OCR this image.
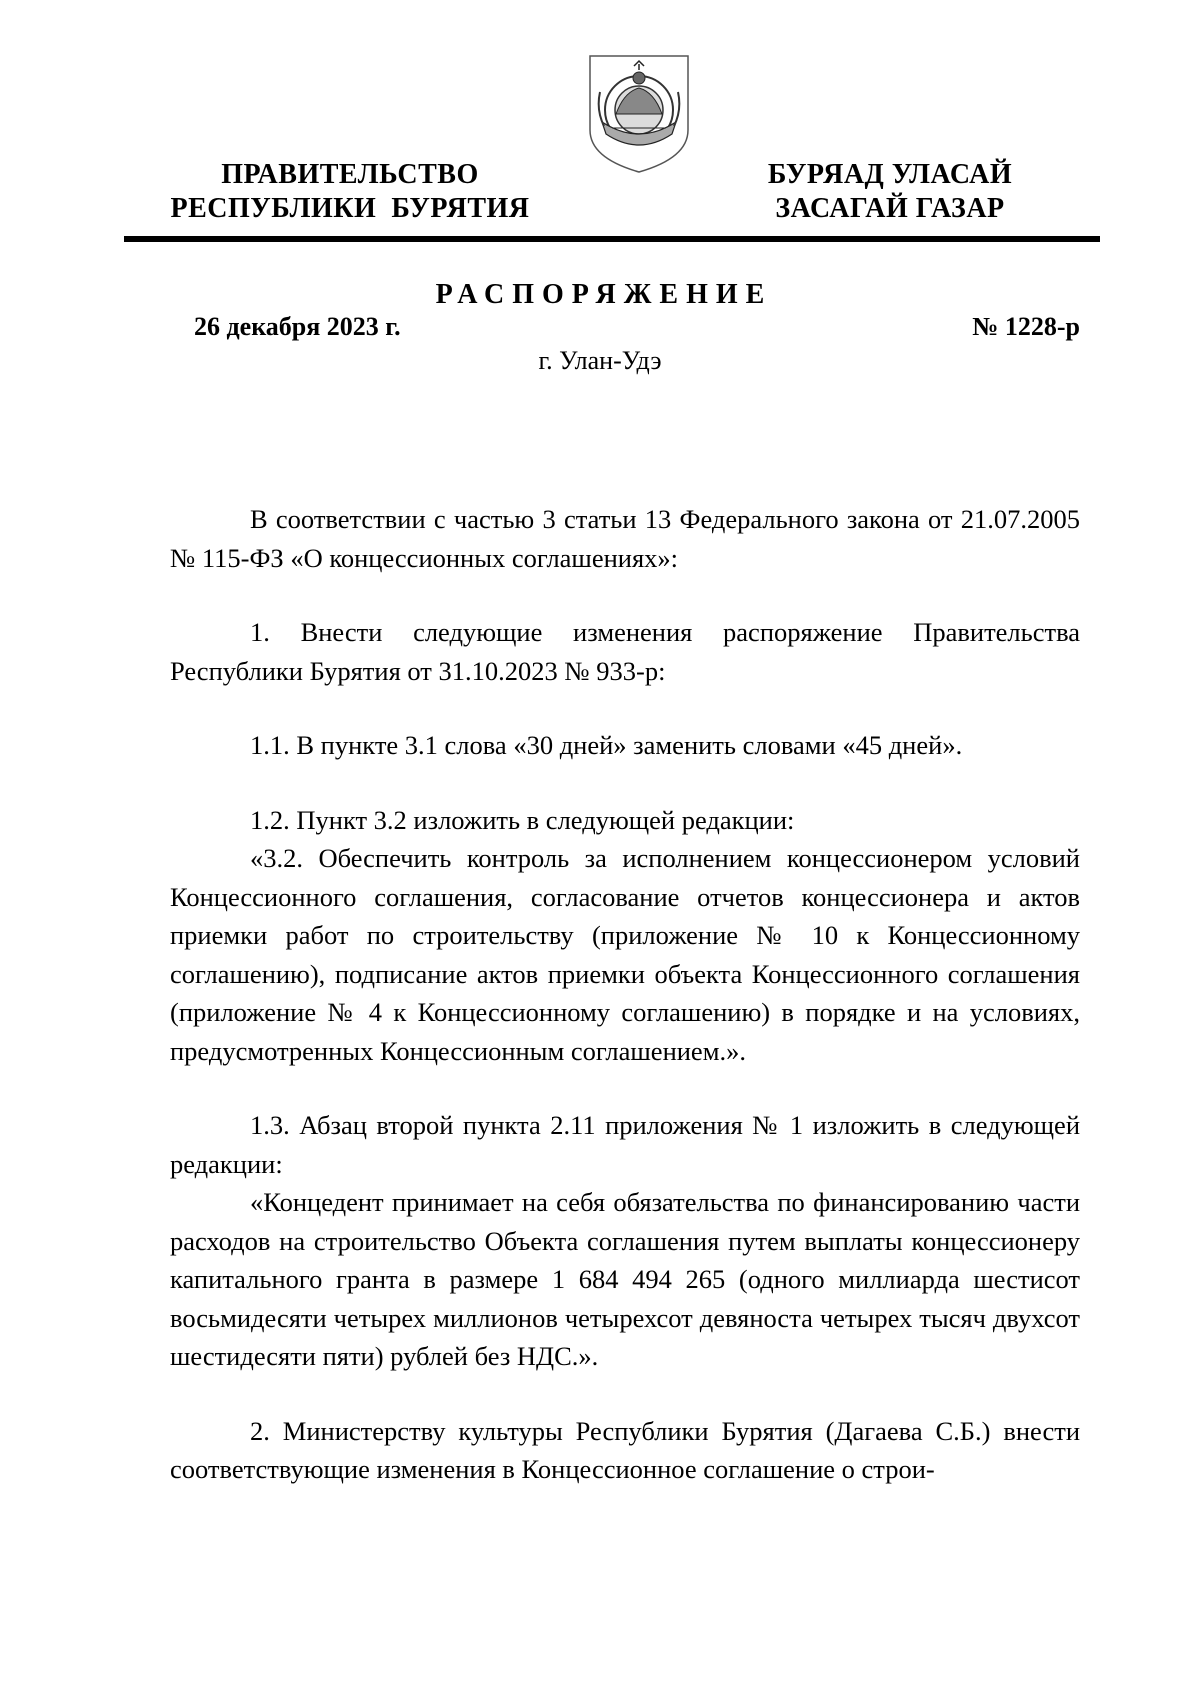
ПРАВИТЕЛЬСТВО
РЕСПУБЛИКИ  БУРЯТИЯ
БУРЯАД УЛАСАЙ
ЗАСАГАЙ ГАЗАР
РАСПОРЯЖЕНИЕ
26 декабря 2023 г.	№ 1228-р
г. Улан-Удэ

В соответствии с частью 3 статьи 13 Федерального закона от 21.07.2005 № 115-ФЗ «О концессионных соглашениях»:

1. Внести следующие изменения распоряжение Правительства Республики Бурятия от 31.10.2023 № 933-р:

1.1. В пункте 3.1 слова «30 дней» заменить словами «45 дней».

1.2. Пункт 3.2 изложить в следующей редакции:

«3.2. Обеспечить контроль за исполнением концессионером условий Концессионного соглашения, согласование отчетов концессионера и актов приемки работ по строительству (приложение № 10 к Концессионному соглашению), подписание актов приемки объекта Концессионного соглашения (приложение № 4 к Концессионному соглашению) в порядке и на условиях, предусмотренных Концессионным соглашением.».

1.3. Абзац второй пункта 2.11 приложения № 1 изложить в следующей редакции:

«Концедент принимает на себя обязательства по финансированию части расходов на строительство Объекта соглашения путем выплаты концессионеру капитального гранта в размере 1 684 494 265 (одного миллиарда шестисот восьмидесяти четырех миллионов четырехсот девяноста четырех тысяч двухсот шестидесяти пяти) рублей без НДС.».

2. Министерству культуры Республики Бурятия (Дагаева С.Б.) внести соответствующие изменения в Концессионное соглашение о строи-
